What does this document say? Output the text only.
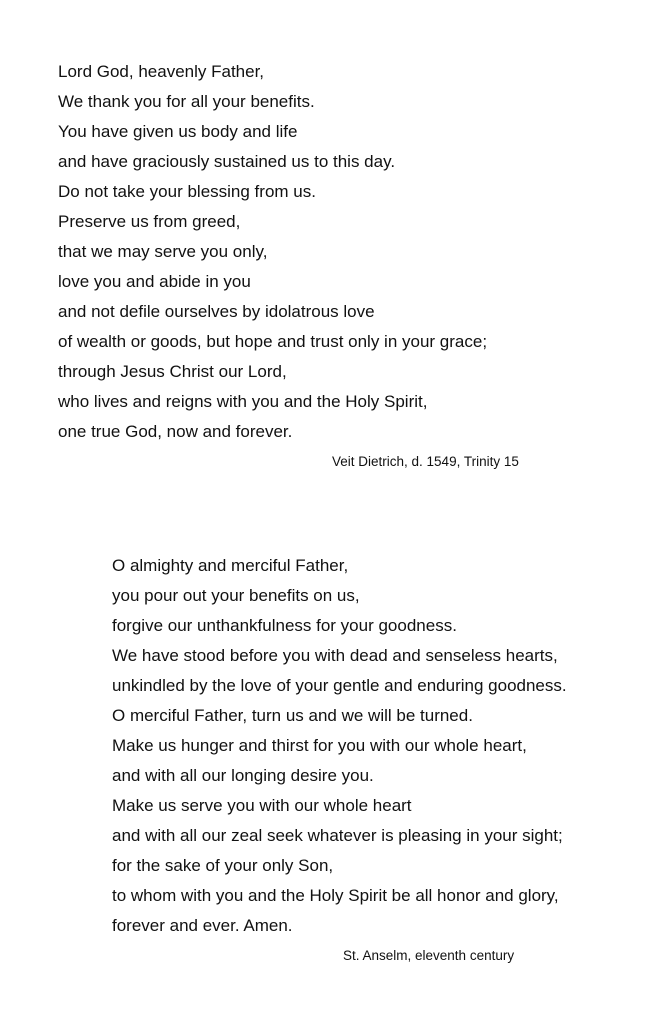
Lord God, heavenly Father,
We thank you for all your benefits.
You have given us body and life
and have graciously sustained us to this day.
Do not take your blessing from us.
Preserve us from greed,
that we may serve you only,
love you and abide in you
and not defile ourselves by idolatrous love
of wealth or goods, but hope and trust only in your grace;
through Jesus Christ our Lord,
who lives and reigns with you and the Holy Spirit,
one true God, now and forever.
Veit Dietrich, d. 1549, Trinity 15
O almighty and merciful Father,
you pour out your benefits on us,
forgive our unthankfulness for your goodness.
We have stood before you with dead and senseless hearts,
unkindled by the love of your gentle and enduring goodness.
O merciful Father, turn us and we will be turned.
Make us hunger and thirst for you with our whole heart,
and with all our longing desire you.
Make us serve you with our whole heart
and with all our zeal seek whatever is pleasing in your sight;
for the sake of your only Son,
to whom with you and the Holy Spirit be all honor and glory,
forever and ever. Amen.
St. Anselm, eleventh century
